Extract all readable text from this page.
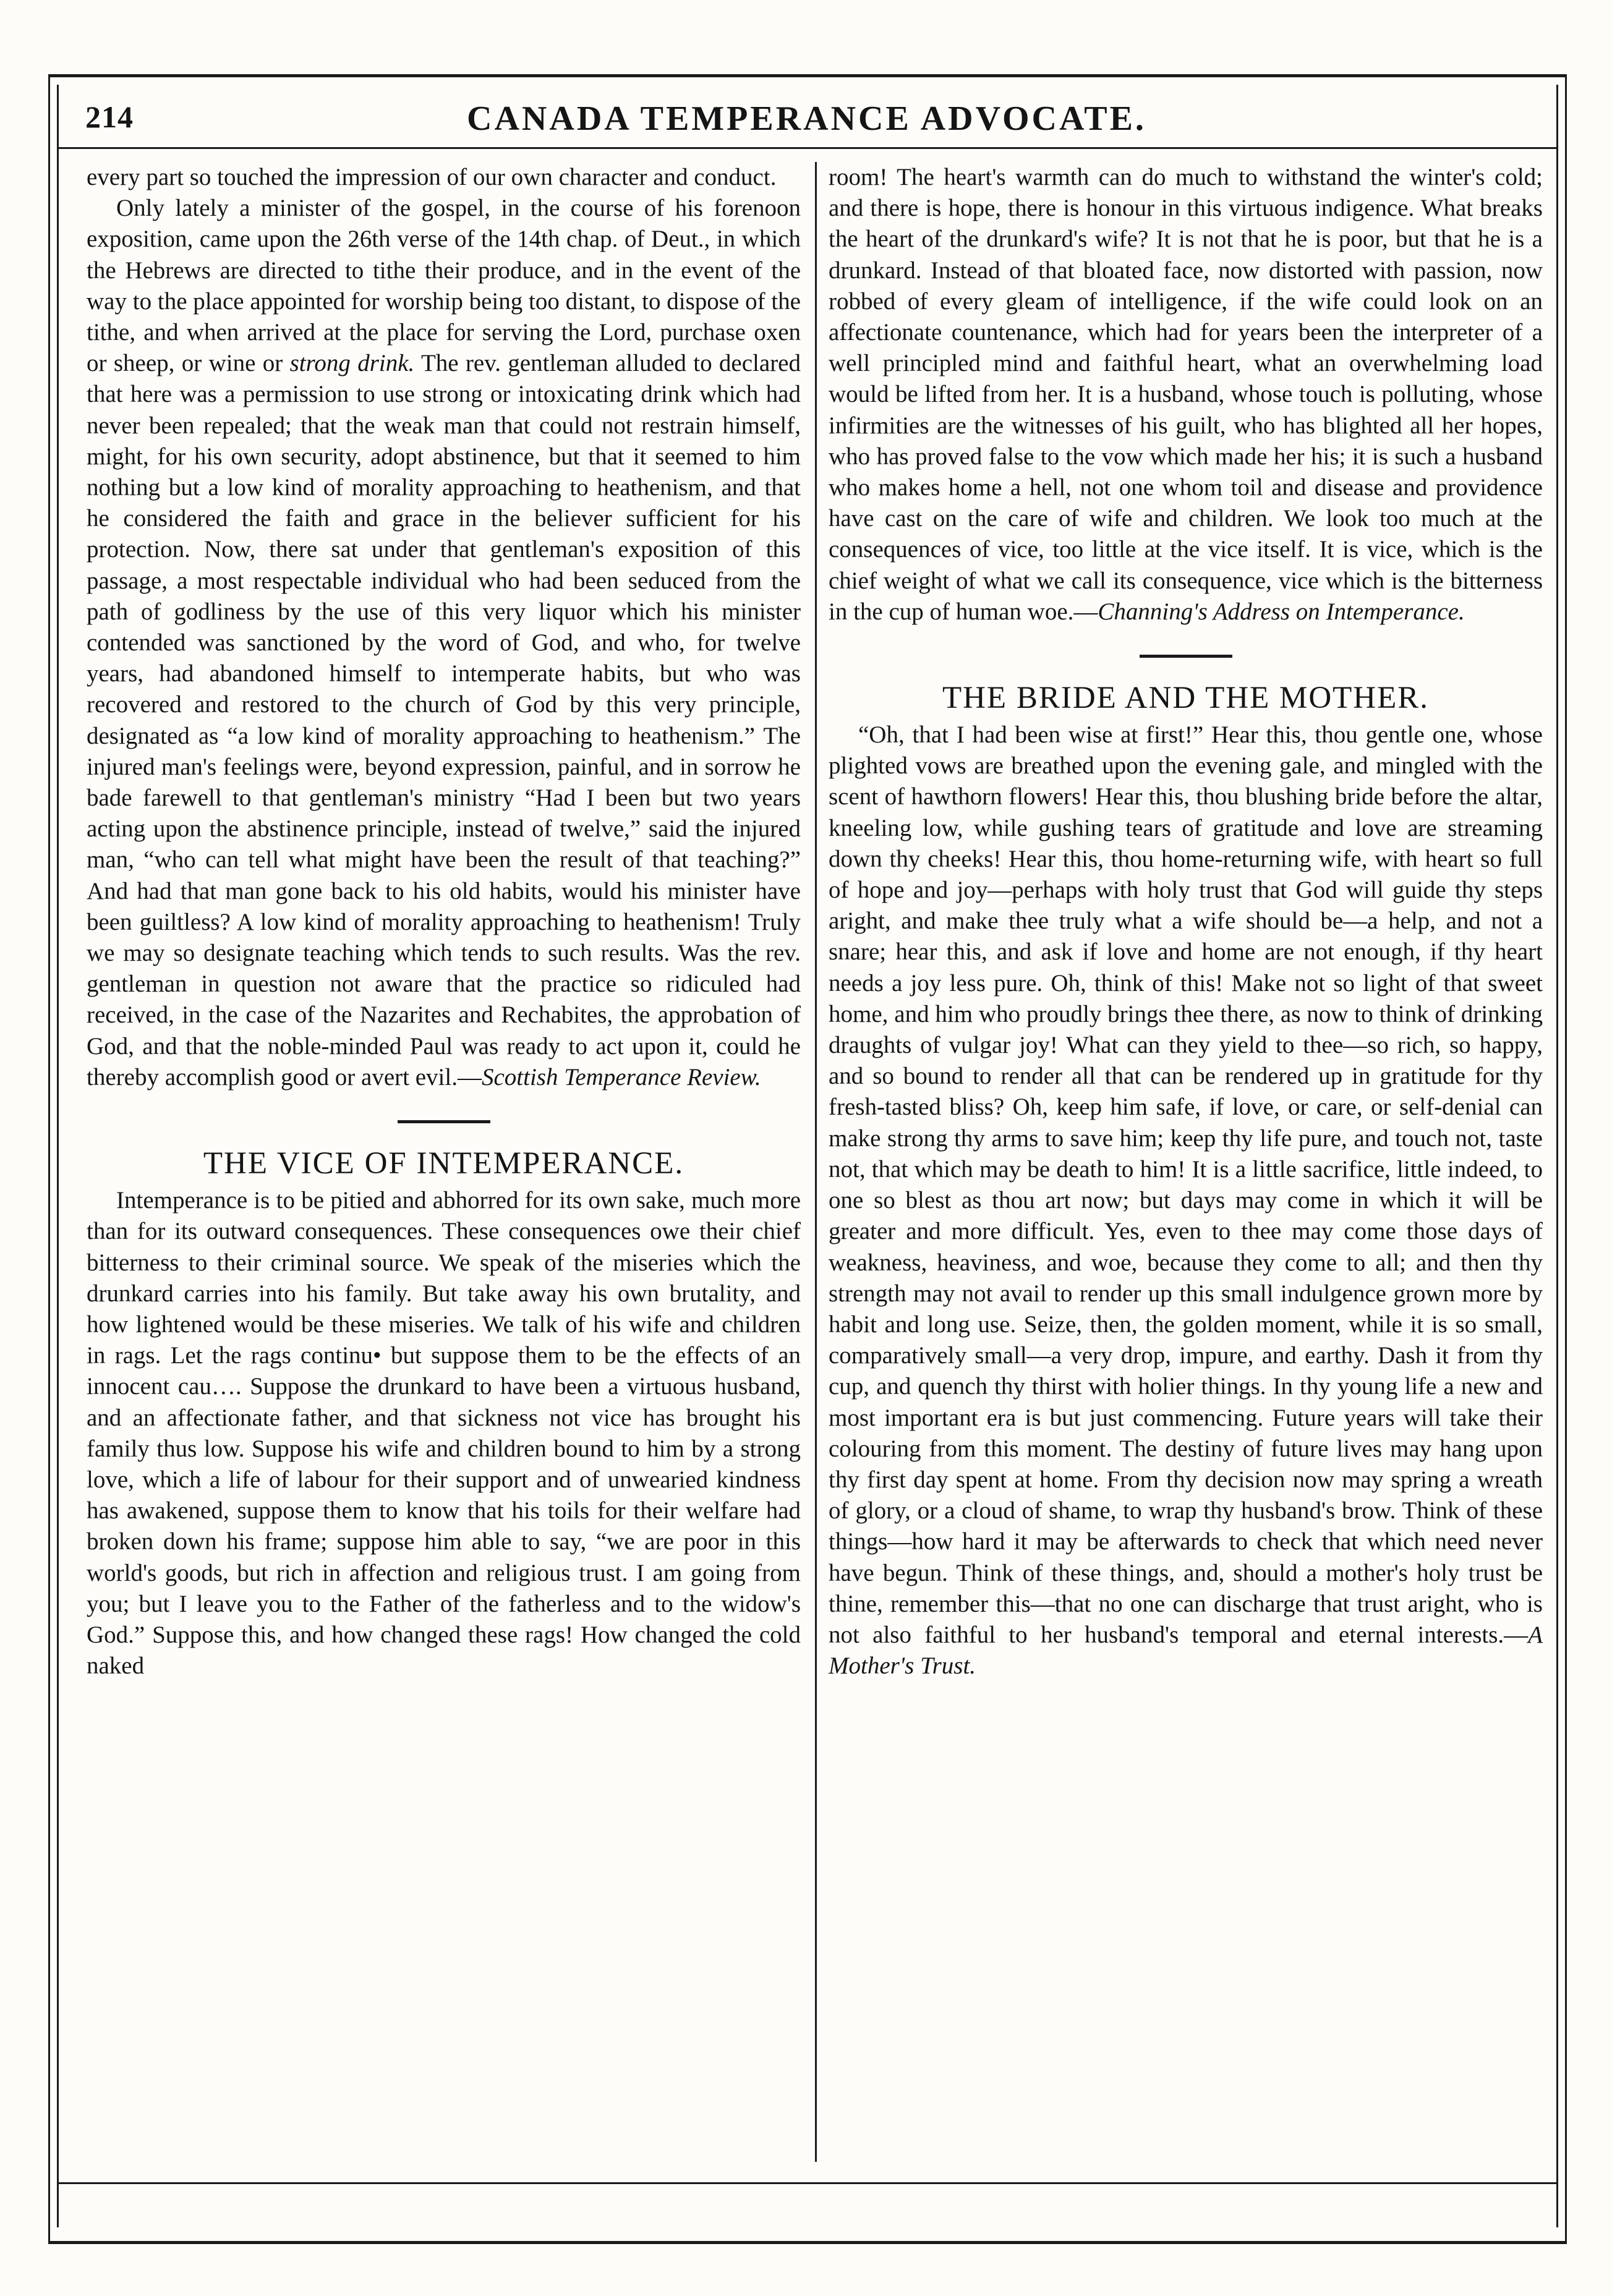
214	CANADA TEMPERANCE ADVOCATE.

every part so touched the impression of our own character and conduct.

Only lately a minister of the gospel, in the course of his forenoon exposition, came upon the 26th verse of the 14th chap. of Deut., in which the Hebrews are directed to tithe their produce, and in the event of the way to the place appointed for worship being too distant, to dispose of the tithe, and when arrived at the place for serving the Lord, purchase oxen or sheep, or wine or strong drink. The rev. gentleman alluded to declared that here was a permission to use strong or intoxicating drink which had never been repealed; that the weak man that could not restrain himself, might, for his own security, adopt abstinence, but that it seemed to him nothing but a low kind of morality approaching to heathenism, and that he considered the faith and grace in the believer sufficient for his protection. Now, there sat under that gentleman's exposition of this passage, a most respectable individual who had been seduced from the path of godliness by the use of this very liquor which his minister contended was sanctioned by the word of God, and who, for twelve years, had abandoned himself to intemperate habits, but who was recovered and restored to the church of God by this very principle, designated as “a low kind of morality approaching to heathenism.” The injured man's feelings were, beyond expression, painful, and in sorrow he bade farewell to that gentleman's ministry “Had I been but two years acting upon the abstinence principle, instead of twelve,” said the injured man, “who can tell what might have been the result of that teaching?” And had that man gone back to his old habits, would his minister have been guiltless? A low kind of morality approaching to heathenism! Truly we may so designate teaching which tends to such results. Was the rev. gentleman in question not aware that the practice so ridiculed had received, in the case of the Nazarites and Rechabites, the approbation of God, and that the noble-minded Paul was ready to act upon it, could he thereby accomplish good or avert evil.—Scottish Temperance Review.

THE VICE OF INTEMPERANCE.

Intemperance is to be pitied and abhorred for its own sake, much more than for its outward consequences. These consequences owe their chief bitterness to their criminal source. We speak of the miseries which the drunkard carries into his family. But take away his own brutality, and how lightened would be these miseries. We talk of his wife and children in rags. Let the rags continu• but suppose them to be the effects of an innocent cau…. Suppose the drunkard to have been a virtuous husband, and an affectionate father, and that sickness not vice has brought his family thus low. Suppose his wife and children bound to him by a strong love, which a life of labour for their support and of unwearied kindness has awakened, suppose them to know that his toils for their welfare had broken down his frame; suppose him able to say, “we are poor in this world's goods, but rich in affection and religious trust. I am going from you; but I leave you to the Father of the fatherless and to the widow's God.” Suppose this, and how changed these rags! How changed the cold naked

room! The heart's warmth can do much to withstand the winter's cold; and there is hope, there is honour in this virtuous indigence. What breaks the heart of the drunkard's wife? It is not that he is poor, but that he is a drunkard. Instead of that bloated face, now distorted with passion, now robbed of every gleam of intelligence, if the wife could look on an affectionate countenance, which had for years been the interpreter of a well principled mind and faithful heart, what an overwhelming load would be lifted from her. It is a husband, whose touch is polluting, whose infirmities are the witnesses of his guilt, who has blighted all her hopes, who has proved false to the vow which made her his; it is such a husband who makes home a hell, not one whom toil and disease and providence have cast on the care of wife and children. We look too much at the consequences of vice, too little at the vice itself. It is vice, which is the chief weight of what we call its consequence, vice which is the bitterness in the cup of human woe.—Channing's Address on Intemperance.

THE BRIDE AND THE MOTHER.

“Oh, that I had been wise at first!” Hear this, thou gentle one, whose plighted vows are breathed upon the evening gale, and mingled with the scent of hawthorn flowers! Hear this, thou blushing bride before the altar, kneeling low, while gushing tears of gratitude and love are streaming down thy cheeks! Hear this, thou home-returning wife, with heart so full of hope and joy—perhaps with holy trust that God will guide thy steps aright, and make thee truly what a wife should be—a help, and not a snare; hear this, and ask if love and home are not enough, if thy heart needs a joy less pure. Oh, think of this! Make not so light of that sweet home, and him who proudly brings thee there, as now to think of drinking draughts of vulgar joy! What can they yield to thee—so rich, so happy, and so bound to render all that can be rendered up in gratitude for thy fresh-tasted bliss? Oh, keep him safe, if love, or care, or self-denial can make strong thy arms to save him; keep thy life pure, and touch not, taste not, that which may be death to him! It is a little sacrifice, little indeed, to one so blest as thou art now; but days may come in which it will be greater and more difficult. Yes, even to thee may come those days of weakness, heaviness, and woe, because they come to all; and then thy strength may not avail to render up this small indulgence grown more by habit and long use. Seize, then, the golden moment, while it is so small, comparatively small—a very drop, impure, and earthy. Dash it from thy cup, and quench thy thirst with holier things. In thy young life a new and most important era is but just commencing. Future years will take their colouring from this moment. The destiny of future lives may hang upon thy first day spent at home. From thy decision now may spring a wreath of glory, or a cloud of shame, to wrap thy husband's brow. Think of these things—how hard it may be afterwards to check that which need never have begun. Think of these things, and, should a mother's holy trust be thine, remember this—that no one can discharge that trust aright, who is not also faithful to her husband's temporal and eternal interests.—A Mother's Trust.
